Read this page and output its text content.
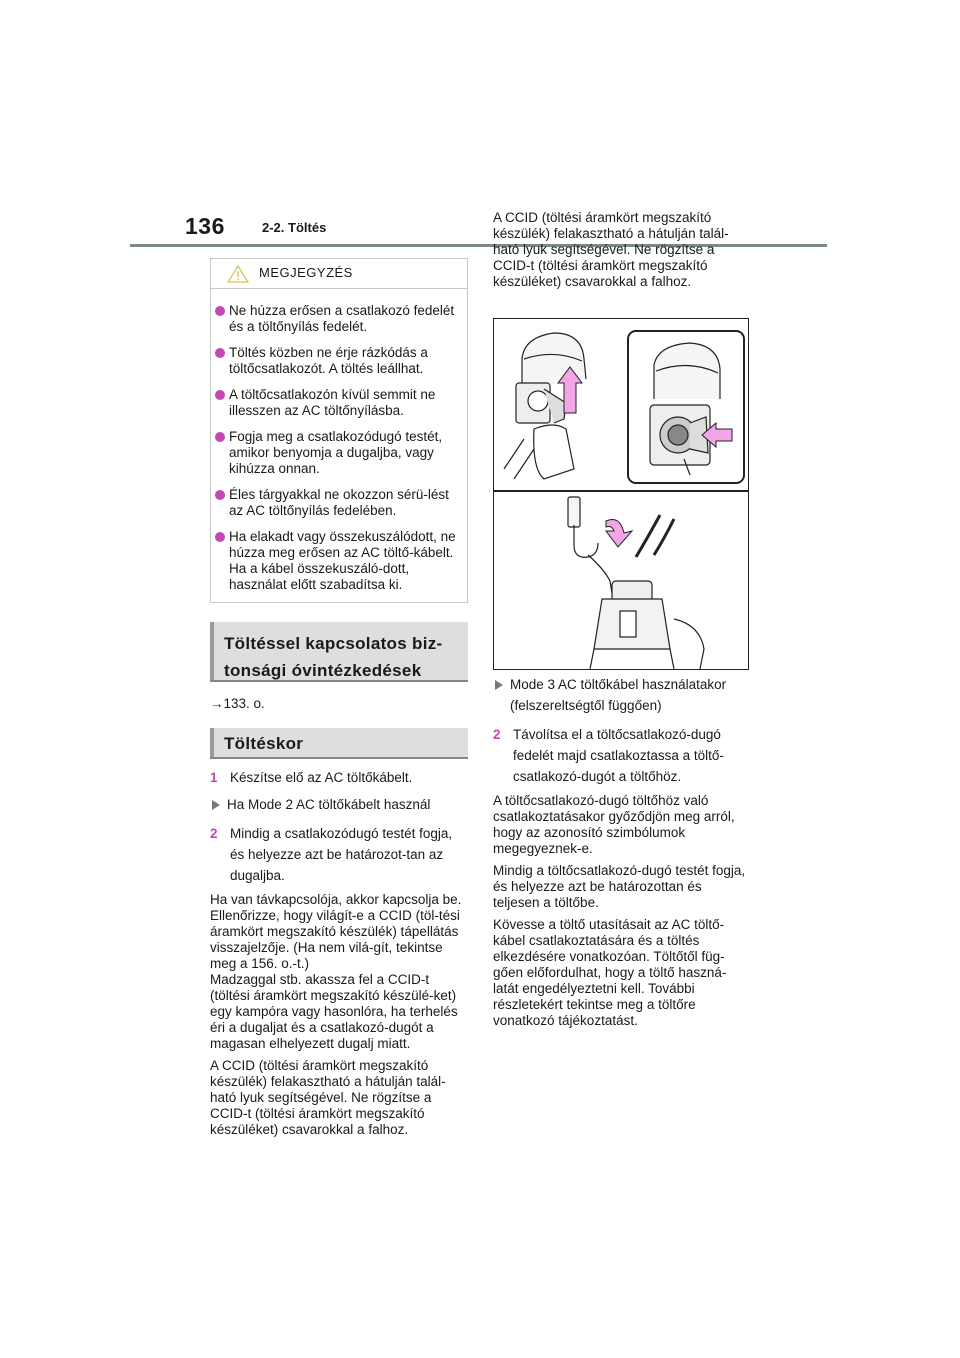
136	2-2. Töltés
MEGJEGYZÉS
Ne húzza erősen a csatlakozó fedelét és a töltőnyílás fedelét.
Töltés közben ne érje rázkódás a töltőcsatlakozót. A töltés leállhat.
A töltőcsatlakozón kívül semmit ne illesszen az AC töltőnyílásba.
Fogja meg a csatlakozódugó testét, amikor benyomja a dugaljba, vagy kihúzza onnan.
Éles tárgyakkal ne okozzon sérü-lést az AC töltőnyílás fedelében.
Ha elakadt vagy összekuszálódott, ne húzza meg erősen az AC töltő-kábelt. Ha a kábel összekuszáló-dott, használat előtt szabadítsa ki.
Töltéssel kapcsolatos biz-tonsági óvintézkedések
→133. o.
Töltéskor
1 Készítse elő az AC töltőkábelt.
Ha Mode 2 AC töltőkábelt használ
2 Mindig a csatlakozódugó testét fogja, és helyezze azt be határozot-tan az dugaljba.
Ha van távkapcsolója, akkor kapcsolja be.
Ellenőrizze, hogy világít-e a CCID (töl-tési áramkört megszakító készülék) tápellátás visszajelzője. (Ha nem vilá-gít, tekintse meg a 156. o.-t.)
Madzaggal stb. akassza fel a CCID-t (töltési áramkört megszakító készülé-ket) egy kampóra vagy hasonlóra, ha terhelés éri a dugaljat és a csatlakozó-dugót a magasan elhelyezett dugalj miatt.
A CCID (töltési áramkört megszakító készülék) felakasztható a hátulján talál-ható lyuk segítségével. Ne rögzítse a CCID-t (töltési áramkört megszakító készüléket) csavarokkal a falhoz.
A CCID (töltési áramkört megszakító készülék) felakasztható a hátulján talál-ható lyuk segítségével. Ne rögzítse a CCID-t (töltési áramkört megszakító készüléket) csavarokkal a falhoz.
Mode 3 AC töltőkábel használatakor (felszereltségtől függően)
2 Távolítsa el a töltőcsatlakozó-dugó fedelét majd csatlakoztassa a töltő-csatlakozó-dugót a töltőhöz.
A töltőcsatlakozó-dugó töltőhöz való csatlakoztatásakor győződjön meg arról, hogy az azonosító szimbólumok megegyeznek-e.
Mindig a töltőcsatlakozó-dugó testét fogja, és helyezze azt be határozottan és teljesen a töltőbe.
Kövesse a töltő utasításait az AC töltő-kábel csatlakoztatására és a töltés elkezdésére vonatkozóan. Töltőtől füg-gően előfordulhat, hogy a töltő haszná-latát engedélyeztetni kell. További részletekért tekintse meg a töltőre vonatkozó tájékoztatást.
